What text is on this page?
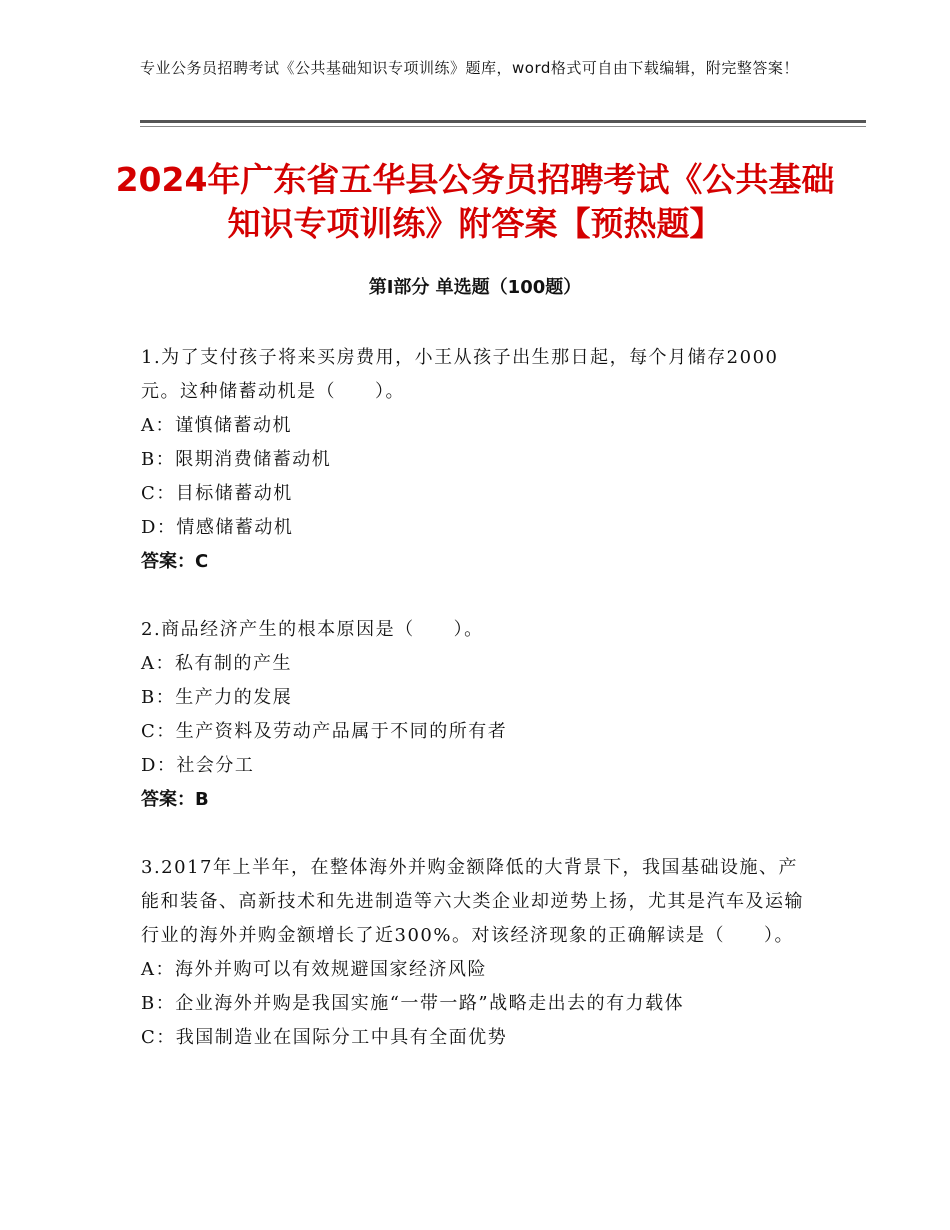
专业公务员招聘考试《公共基础知识专项训练》题库，word格式可自由下载编辑，附完整答案！
2024年广东省五华县公务员招聘考试《公共基础知识专项训练》附答案【预热题】
第I部分 单选题（100题）
1.为了支付孩子将来买房费用，小王从孩子出生那日起，每个月储存2000元。这种储蓄动机是（　　）。
A：谨慎储蓄动机
B：限期消费储蓄动机
C：目标储蓄动机
D：情感储蓄动机
答案：C
2.商品经济产生的根本原因是（　　）。
A：私有制的产生
B：生产力的发展
C：生产资料及劳动产品属于不同的所有者
D：社会分工
答案：B
3.2017年上半年，在整体海外并购金额降低的大背景下，我国基础设施、产能和装备、高新技术和先进制造等六大类企业却逆势上扬，尤其是汽车及运输行业的海外并购金额增长了近300%。对该经济现象的正确解读是（　　）。
A：海外并购可以有效规避国家经济风险
B：企业海外并购是我国实施“一带一路”战略走出去的有力载体
C：我国制造业在国际分工中具有全面优势
